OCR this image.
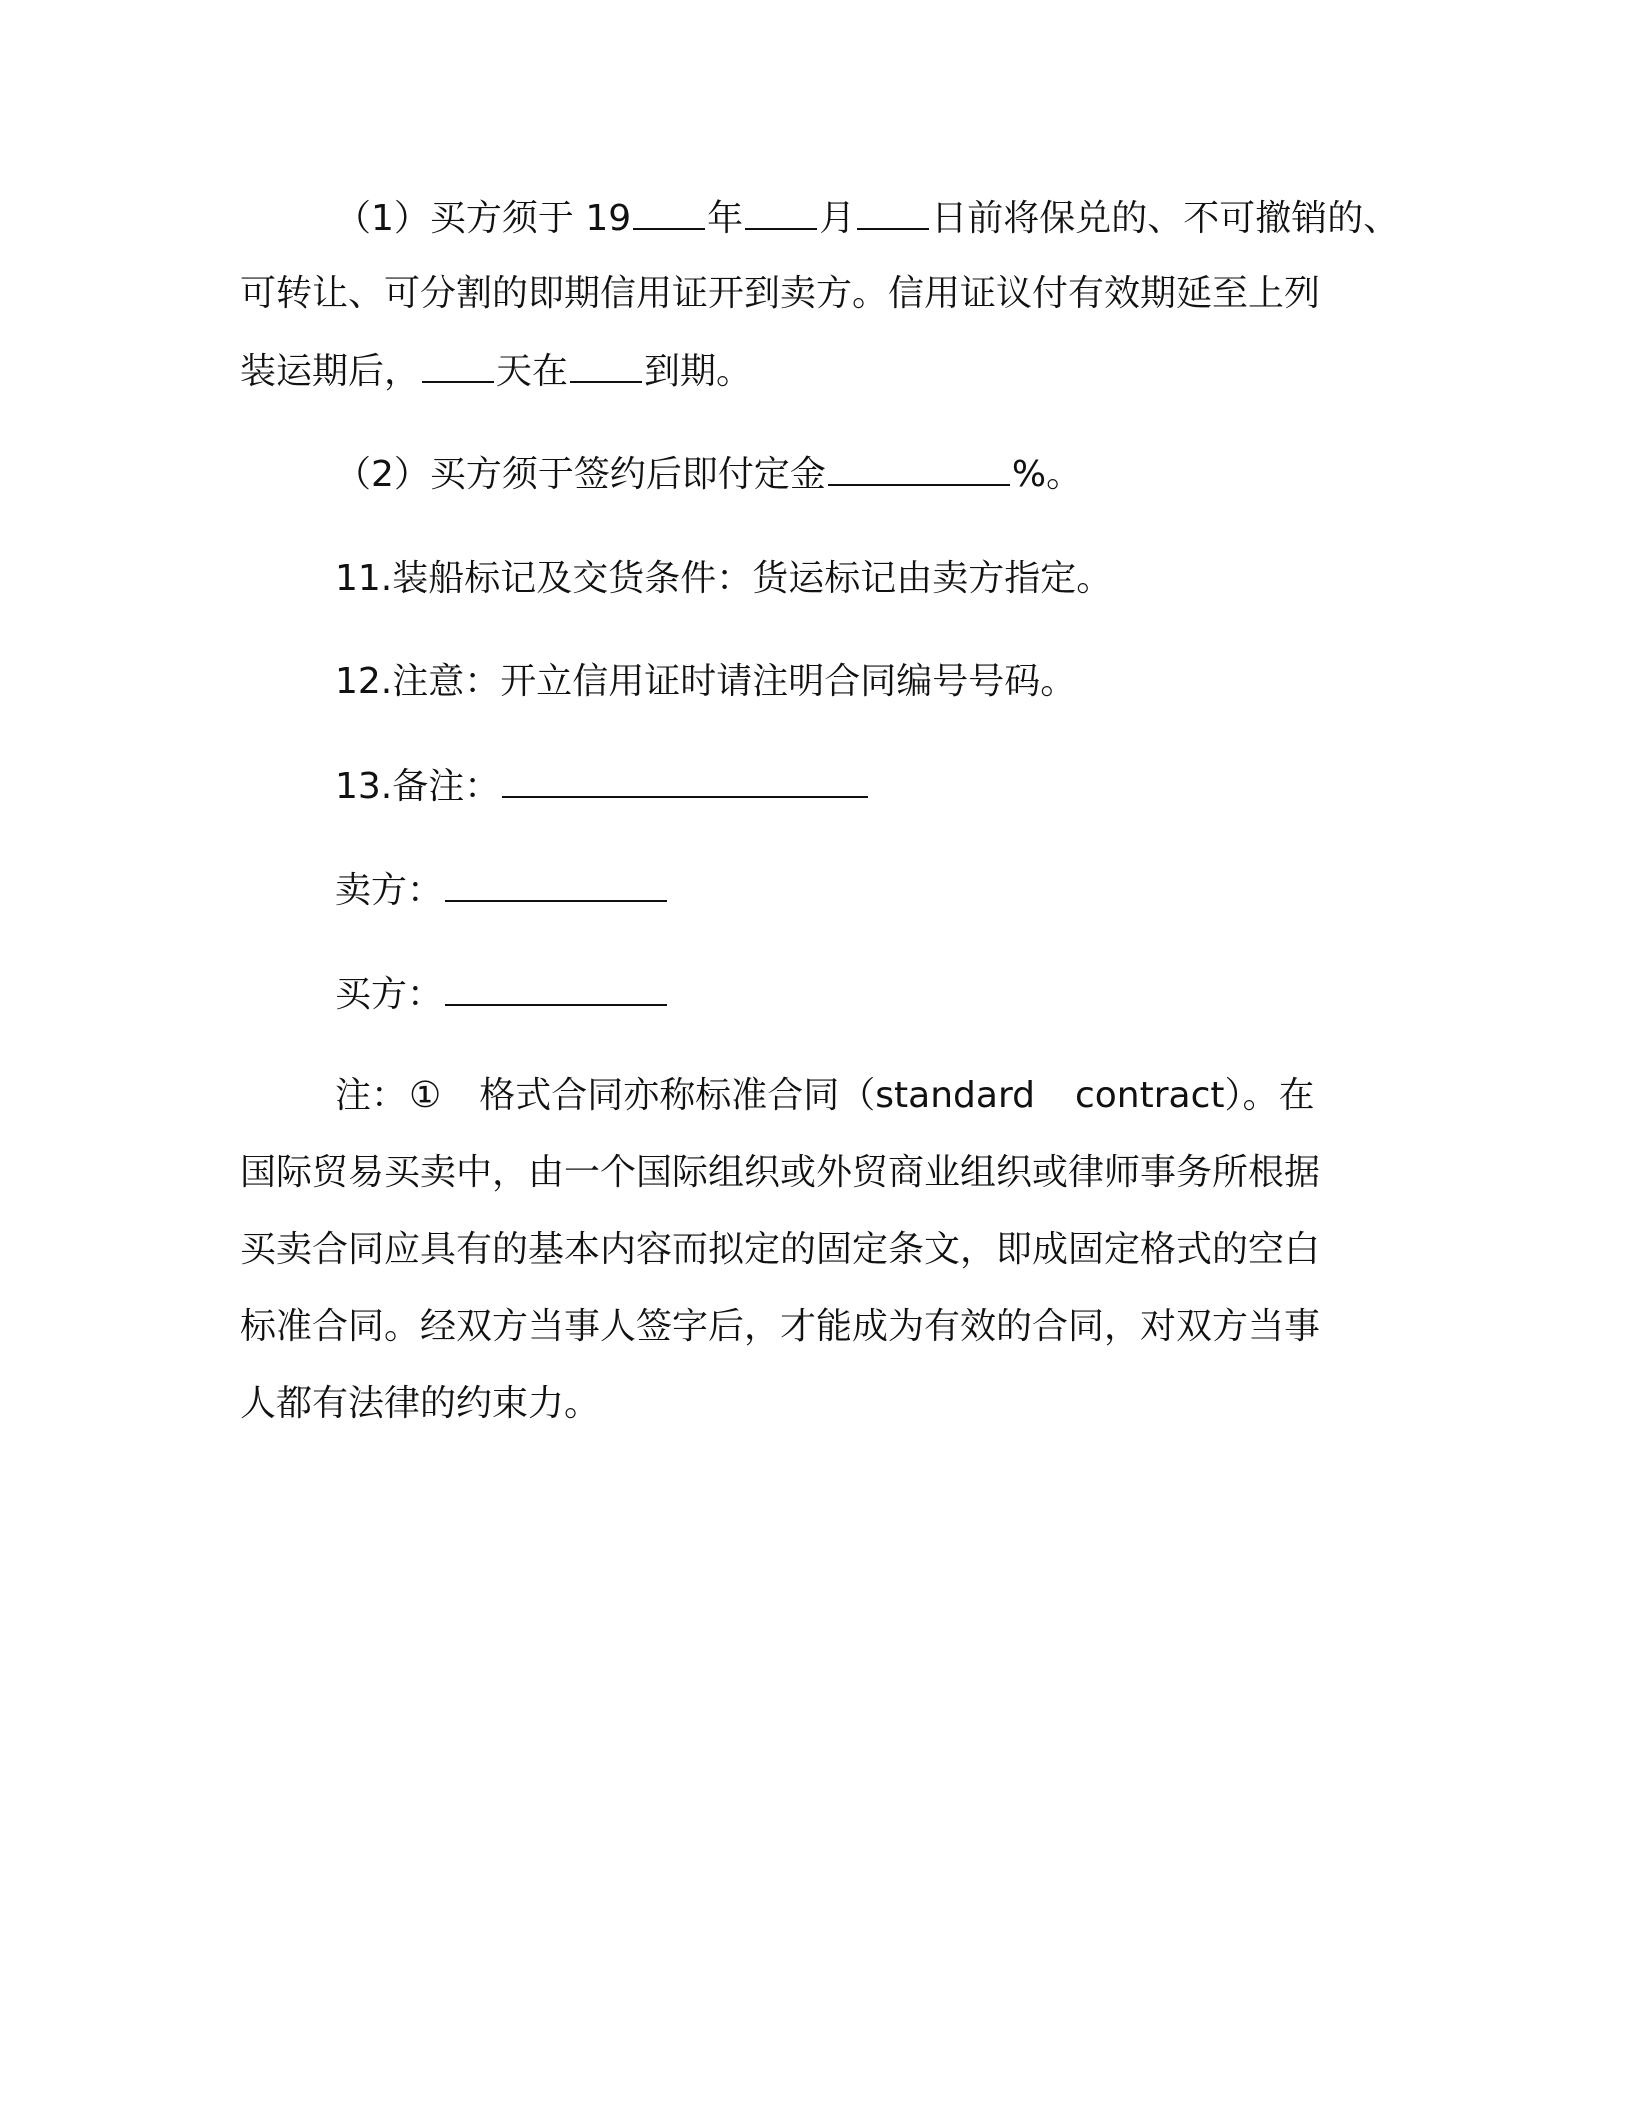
（1）买方须于 19 年 月 日前将保兑的、不可撤销的、
可转让、可分割的即期信用证开到卖方。信用证议付有效期延至上列
装运期后， 天在 到期。
（2）买方须于签约后即付定金	%。
11.装船标记及交货条件：货运标记由卖方指定。
12.注意：开立信用证时请注明合同编号号码。
13.备注：
卖方：
买方：
注：① 格式合同亦称标准合同（standard contract）。在
国际贸易买卖中，由一个国际组织或外贸商业组织或律师事务所根据
买卖合同应具有的基本内容而拟定的固定条文，即成固定格式的空白
标准合同。经双方当事人签字后，才能成为有效的合同，对双方当事
人都有法律的约束力。
